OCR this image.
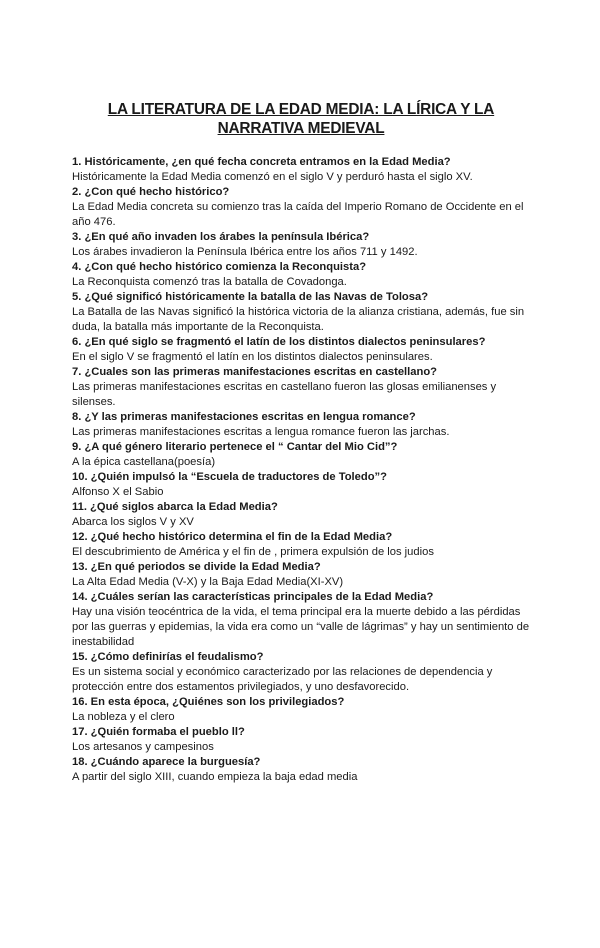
LA LITERATURA DE LA EDAD MEDIA: LA LÍRICA Y LA NARRATIVA MEDIEVAL

1. Históricamente, ¿en qué fecha concreta entramos en la Edad Media?

Históricamente la Edad Media comenzó en el siglo V y perduró hasta el siglo XV.

2. ¿Con qué hecho histórico?

La Edad Media concreta su comienzo tras la caída del Imperio Romano de Occidente en el año 476.

3. ¿En qué año invaden los árabes la península Ibérica?

Los árabes invadieron la Península Ibérica entre los años 711 y 1492.

4. ¿Con qué hecho histórico comienza la Reconquista?

La Reconquista comenzó tras la batalla de Covadonga.

5. ¿Qué significó históricamente la batalla de las Navas de Tolosa?

La Batalla de las Navas significó la histórica victoria de la alianza cristiana, además, fue sin duda, la batalla más importante de la Reconquista.

6. ¿En qué siglo se fragmentó el latín de los distintos dialectos peninsulares?

En el siglo V se fragmentó el latín en los distintos dialectos peninsulares.

7. ¿Cuales son las primeras manifestaciones escritas en castellano?

Las primeras manifestaciones escritas en castellano fueron las glosas emilianenses y silenses.

8. ¿Y las primeras manifestaciones escritas en lengua romance?

Las primeras manifestaciones escritas a lengua romance fueron las jarchas.

9. ¿A qué género literario pertenece el “ Cantar del Mio Cid”?

A la épica castellana(poesía)

10. ¿Quién impulsó la “Escuela de traductores de Toledo”?

Alfonso X el Sabio

11. ¿Qué siglos abarca la Edad Media?

Abarca los siglos V y XV

12. ¿Qué hecho histórico determina el fin de la Edad Media?

El descubrimiento de América y el fin de , primera expulsión de los judios

13. ¿En qué periodos se divide la Edad Media?

La Alta Edad Media (V-X) y la Baja Edad Media(XI-XV)

14. ¿Cuáles serían las características principales de la Edad Media?

Hay una visión teocéntrica de la vida, el tema principal era la muerte debido a las pérdidas por las guerras y epidemias, la vida era como un “valle de lágrimas” y hay un sentimiento de inestabilidad

15. ¿Cómo definirías el feudalismo?

Es un sistema social y económico caracterizado por las relaciones de dependencia y protección entre dos estamentos privilegiados, y uno desfavorecido.

16. En esta época, ¿Quiénes son los privilegiados?

La nobleza y el clero

17. ¿Quién formaba el pueblo ll?

Los artesanos y campesinos

18. ¿Cuándo aparece la burguesía?

A partir del siglo XIII, cuando empieza la baja edad media
